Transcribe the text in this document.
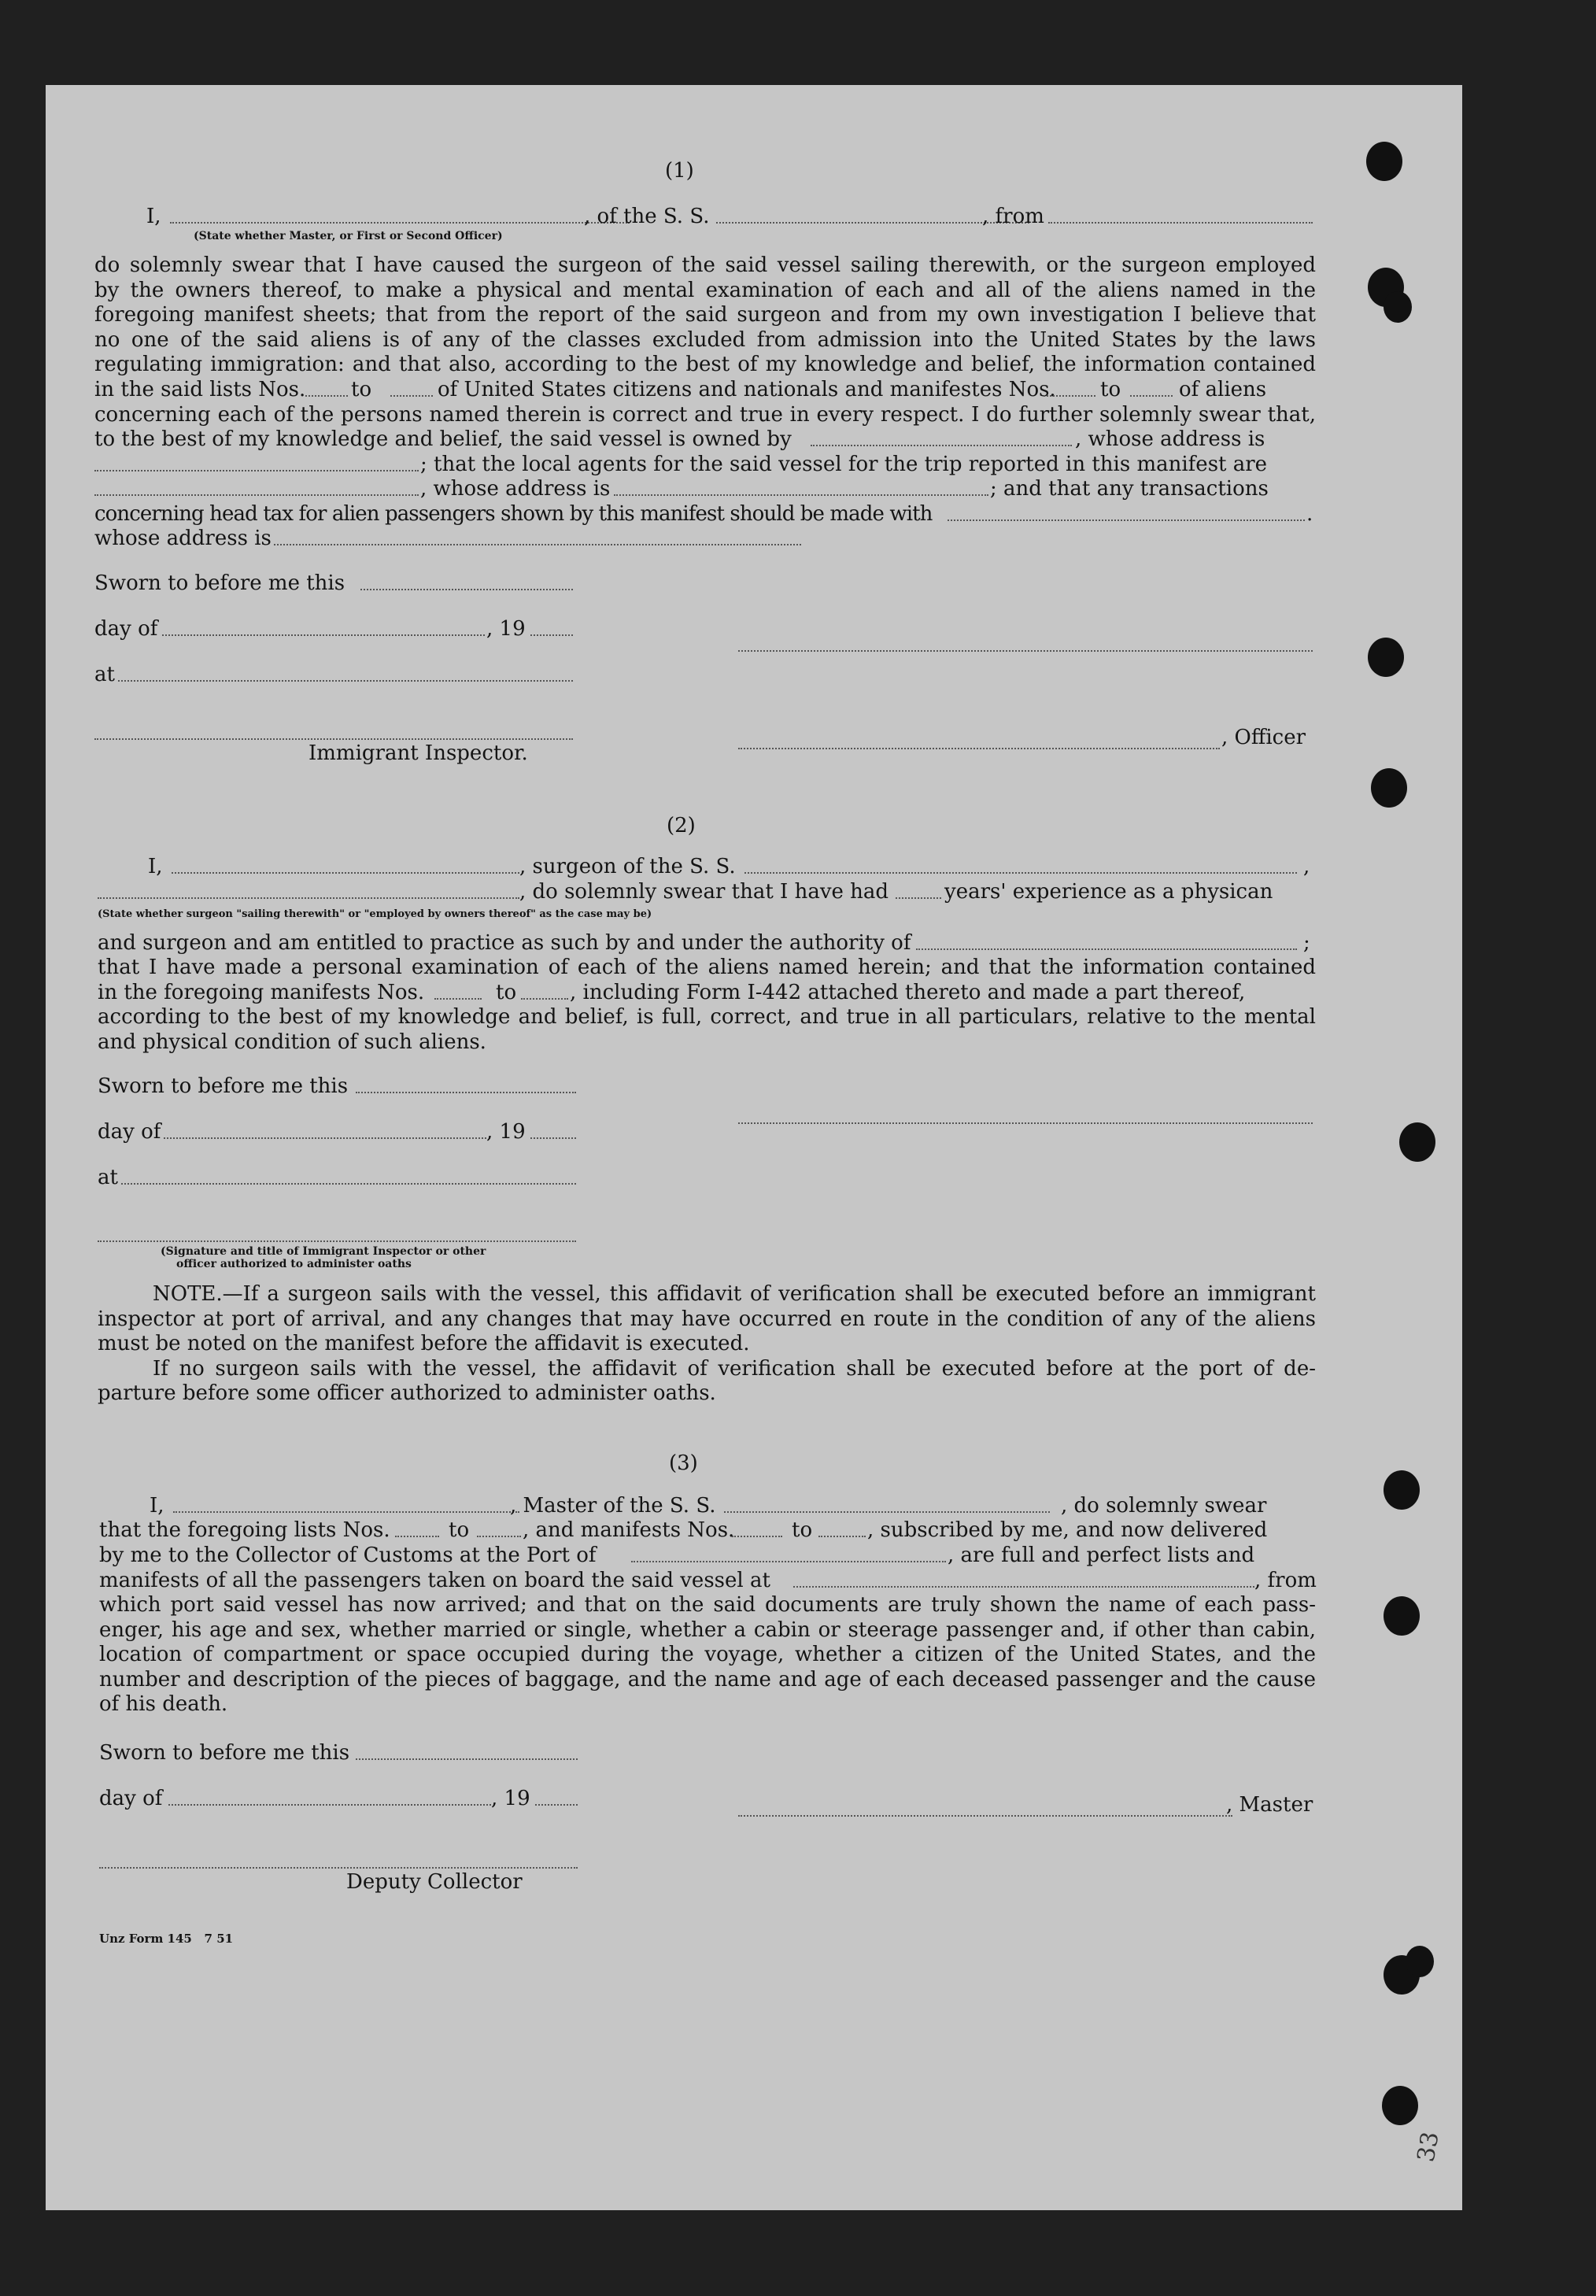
33
(1)
I,	, of the S. S.	, from
(State whether Master, or First or Second Officer)
do solemnly swear that I have caused the surgeon of the said vessel sailing therewith, or the surgeon employed
by the owners thereof, to make a physical and mental examination of each and all of the aliens named in the
foregoing manifest sheets; that from the report of the said surgeon and from my own investigation I believe that
no one of the said aliens is of any of the classes excluded from admission into the United States by the laws
regulating immigration: and that also, according to the best of my knowledge and belief, the information contained
in the said lists Nos. to	of United States citizens and nationals and manifestes Nos. to	of aliens
concerning each of the persons named therein is correct and true in every respect. I do further solemnly swear that,
to the best of my knowledge and belief, the said vessel is owned by	, whose address is
; that the local agents for the said vessel for the trip reported in this manifest are
, whose address is	; and that any transactions
concerning head tax for alien passengers shown by this manifest should be made with	.
whose address is
Sworn to before me this
day of	, 19
at
Immigrant Inspector.
, Officer
(2)
I,	, surgeon of the S. S.	,
, do solemnly swear that I have had	years' experience as a physican
(State whether surgeon "sailing therewith" or "employed by owners thereof" as the case may be)
and surgeon and am entitled to practice as such by and under the authority of	;
that I have made a personal examination of each of the aliens named herein; and that the information contained
in the foregoing manifests Nos.	to	, including Form I-442 attached thereto and made a part thereof,
according to the best of my knowledge and belief, is full, correct, and true in all particulars, relative to the mental
and physical condition of such aliens.
Sworn to before me this
day of	, 19
at
(Signature and title of Immigrant Inspector or other
officer authorized to administer oaths
NOTE.—If a surgeon sails with the vessel, this affidavit of verification shall be executed before an immigrant
inspector at port of arrival, and any changes that may have occurred en route in the condition of any of the aliens
must be noted on the manifest before the affidavit is executed.
If no surgeon sails with the vessel, the affidavit of verification shall be executed before at the port of de-
parture before some officer authorized to administer oaths.
(3)
I,	, Master of the S. S.	, do solemnly swear
that the foregoing lists Nos.	to	, and manifests Nos.	to	, subscribed by me, and now delivered
by me to the Collector of Customs at the Port of	, are full and perfect lists and
manifests of all the passengers taken on board the said vessel at	, from
which port said vessel has now arrived; and that on the said documents are truly shown the name of each pass-
enger, his age and sex, whether married or single, whether a cabin or steerage passenger and, if other than cabin,
location of compartment or space occupied during the voyage, whether a citizen of the United States, and the
number and description of the pieces of baggage, and the name and age of each deceased passenger and the cause
of his death.
Sworn to before me this
day of	, 19	, Master
Deputy Collector
Unz Form 145   7 51
